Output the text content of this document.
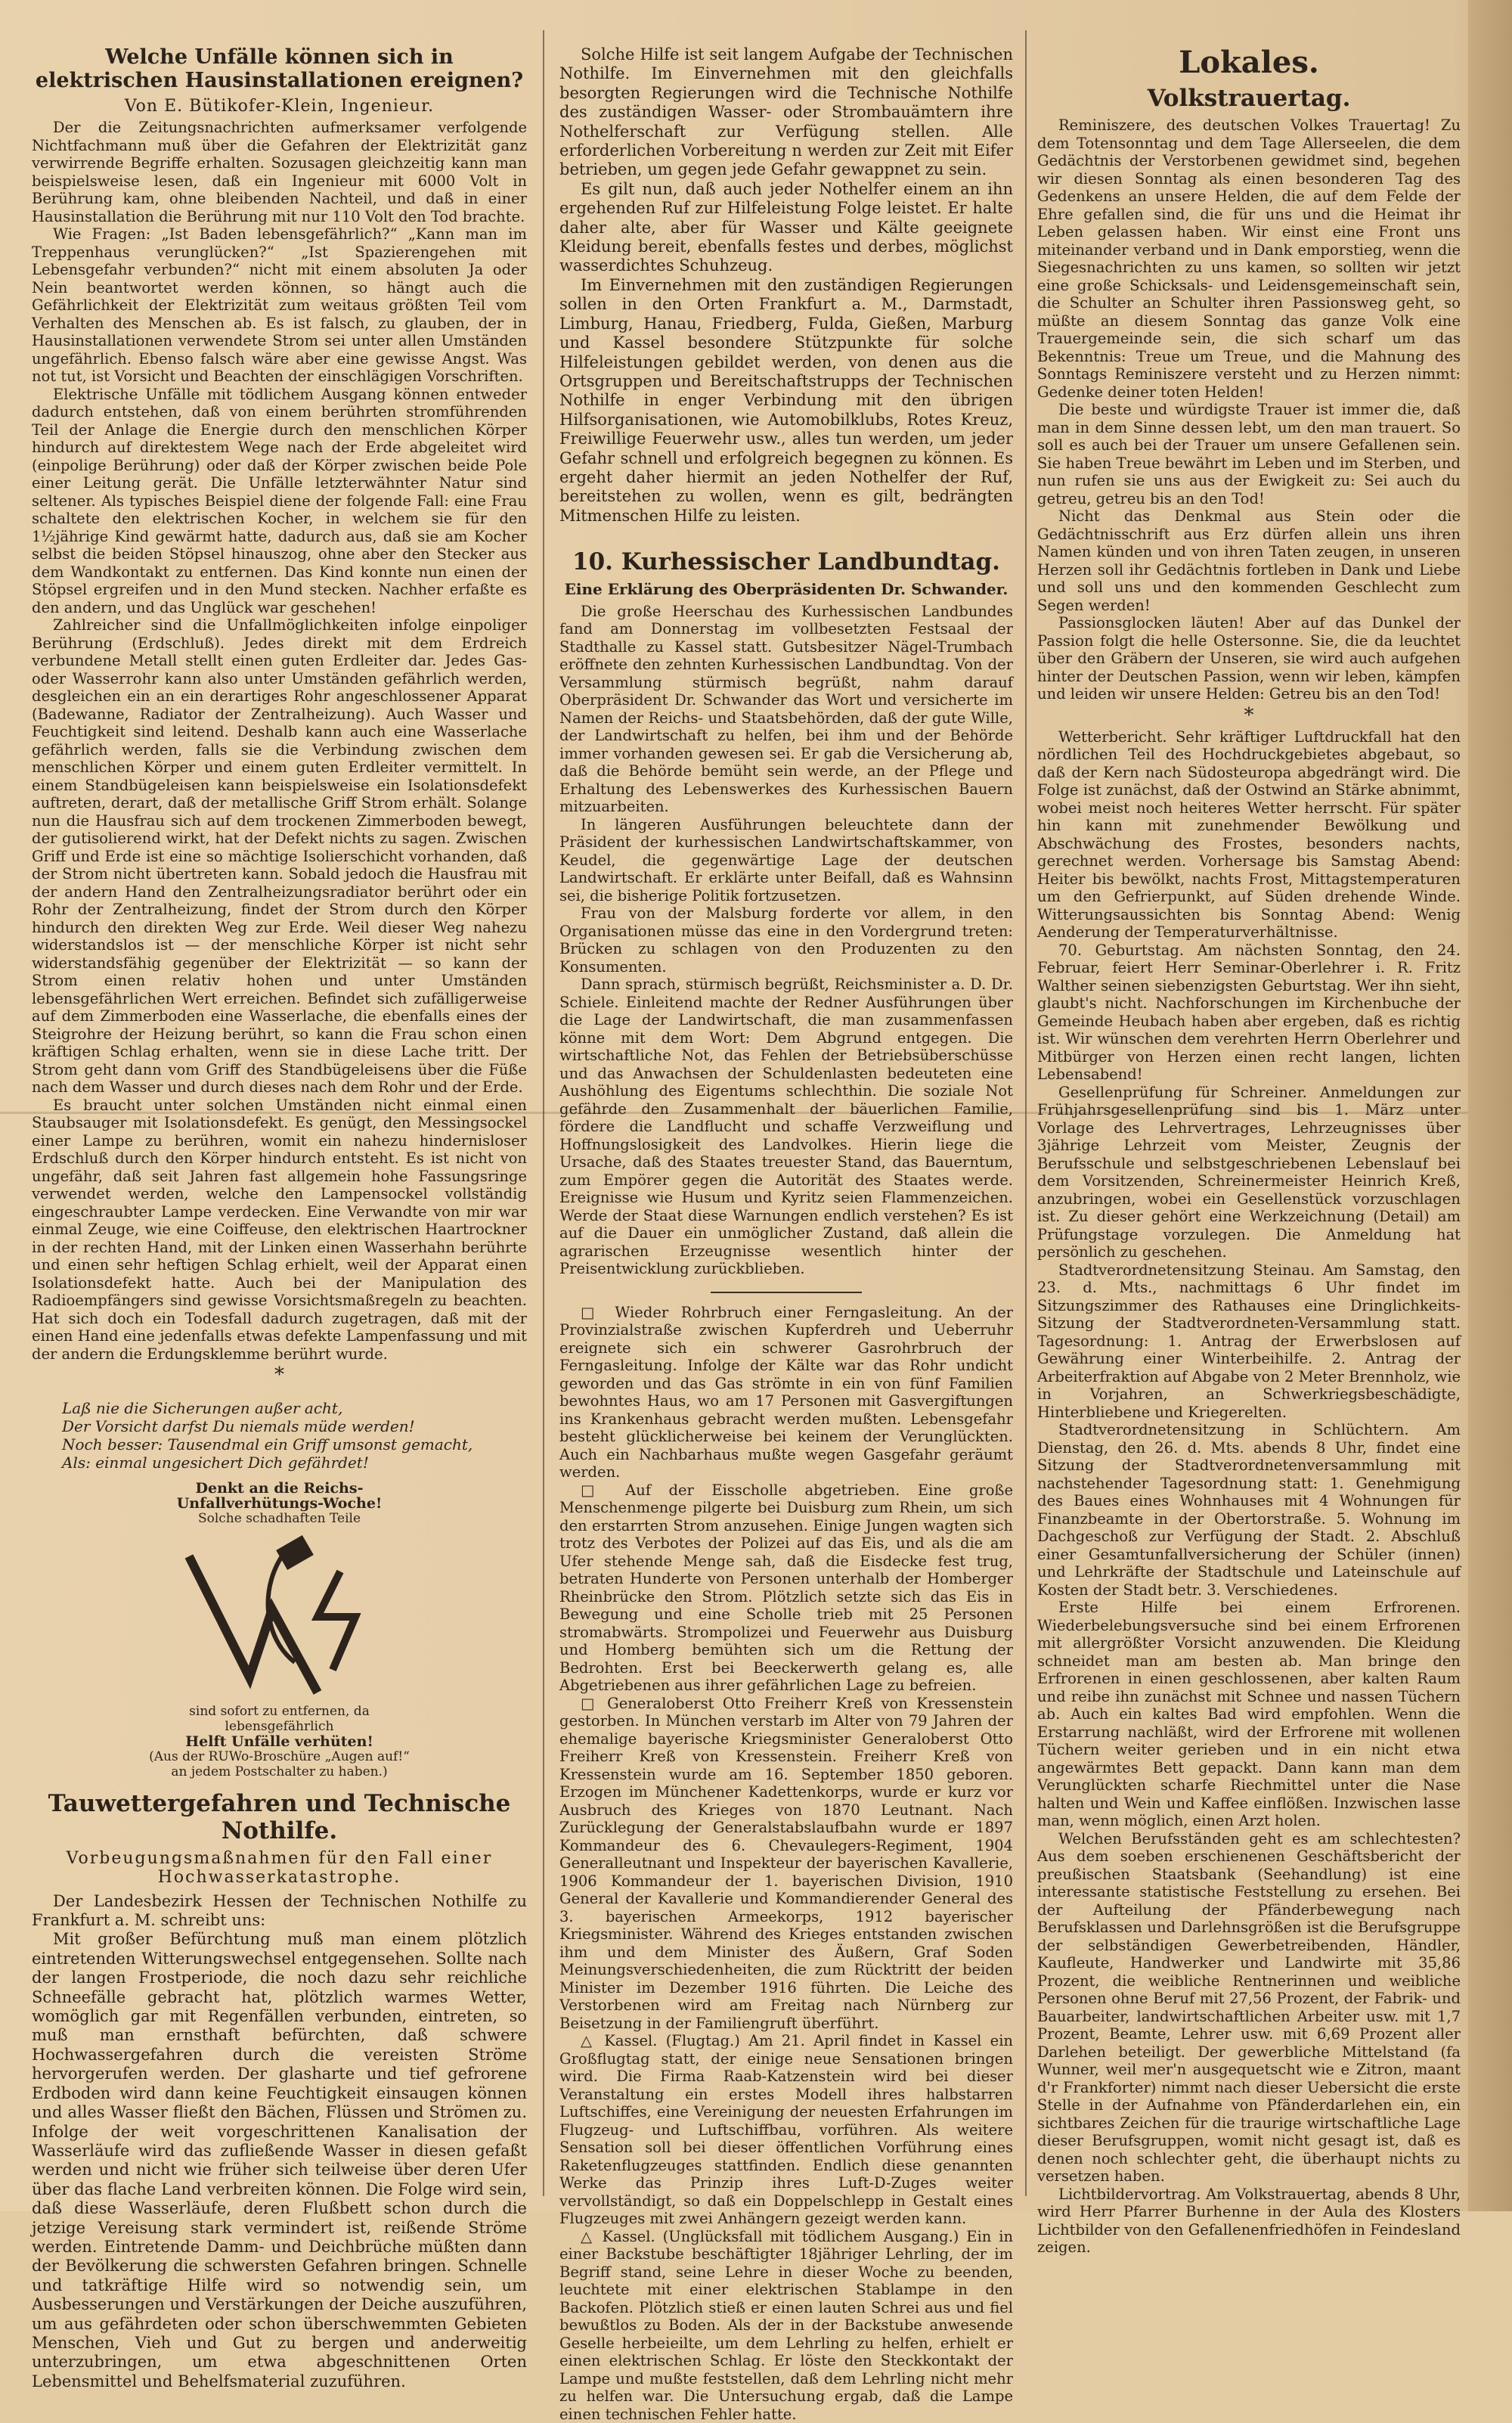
Welche Unfälle können sich in elektrischen Hausinstallationen ereignen?
Von E. Bütikofer-Klein, Ingenieur.

Der die Zeitungsnachrichten aufmerksamer verfolgende Nichtfachmann muß über die Gefahren der Elektrizität ganz verwirrende Begriffe erhalten. Sozusagen gleichzeitig kann man beispielsweise lesen, daß ein Ingenieur mit 6000 Volt in Berührung kam, ohne bleibenden Nachteil, und daß in einer Hausinstallation die Berührung mit nur 110 Volt den Tod brachte.

Wie Fragen: „Ist Baden lebensgefährlich?“ „Kann man im Treppenhaus verunglücken?“ „Ist Spazierengehen mit Lebensgefahr verbunden?“ nicht mit einem absoluten Ja oder Nein beantwortet werden können, so hängt auch die Gefährlichkeit der Elektrizität zum weitaus größten Teil vom Verhalten des Menschen ab. Es ist falsch, zu glauben, der in Hausinstallationen verwendete Strom sei unter allen Umständen ungefährlich. Ebenso falsch wäre aber eine gewisse Angst. Was not tut, ist Vorsicht und Beachten der einschlägigen Vorschriften.

Elektrische Unfälle mit tödlichem Ausgang können entweder dadurch entstehen, daß von einem berührten stromführenden Teil der Anlage die Energie durch den menschlichen Körper hindurch auf direktestem Wege nach der Erde abgeleitet wird (einpolige Berührung) oder daß der Körper zwischen beide Pole einer Leitung gerät. Die Unfälle letzterwähnter Natur sind seltener. Als typisches Beispiel diene der folgende Fall: eine Frau schaltete den elektrischen Kocher, in welchem sie für den 1½jährige Kind gewärmt hatte, dadurch aus, daß sie am Kocher selbst die beiden Stöpsel hinauszog, ohne aber den Stecker aus dem Wandkontakt zu entfernen. Das Kind konnte nun einen der Stöpsel ergreifen und in den Mund stecken. Nachher erfaßte es den andern, und das Unglück war geschehen!

Zahlreicher sind die Unfallmöglichkeiten infolge einpoliger Berührung (Erdschluß). Jedes direkt mit dem Erdreich verbundene Metall stellt einen guten Erdleiter dar. Jedes Gas- oder Wasserrohr kann also unter Umständen gefährlich werden, desgleichen ein an ein derartiges Rohr angeschlossener Apparat (Badewanne, Radiator der Zentralheizung). Auch Wasser und Feuchtigkeit sind leitend. Deshalb kann auch eine Wasserlache gefährlich werden, falls sie die Verbindung zwischen dem menschlichen Körper und einem guten Erdleiter vermittelt. In einem Standbügeleisen kann beispielsweise ein Isolationsdefekt auftreten, derart, daß der metallische Griff Strom erhält. Solange nun die Hausfrau sich auf dem trockenen Zimmerboden bewegt, der gutisolierend wirkt, hat der Defekt nichts zu sagen. Zwischen Griff und Erde ist eine so mächtige Isolierschicht vorhanden, daß der Strom nicht übertreten kann. Sobald jedoch die Hausfrau mit der andern Hand den Zentralheizungsradiator berührt oder ein Rohr der Zentralheizung, findet der Strom durch den Körper hindurch den direkten Weg zur Erde. Weil dieser Weg nahezu widerstandslos ist — der menschliche Körper ist nicht sehr widerstandsfähig gegenüber der Elektrizität — so kann der Strom einen relativ hohen und unter Umständen lebensgefährlichen Wert erreichen. Befindet sich zufälligerweise auf dem Zimmerboden eine Wasserlache, die ebenfalls eines der Steigrohre der Heizung berührt, so kann die Frau schon einen kräftigen Schlag erhalten, wenn sie in diese Lache tritt. Der Strom geht dann vom Griff des Standbügeleisens über die Füße nach dem Wasser und durch dieses nach dem Rohr und der Erde.

Es braucht unter solchen Umständen nicht einmal einen Staubsauger mit Isolationsdefekt. Es genügt, den Messingsockel einer Lampe zu berühren, womit ein nahezu hindernisloser Erdschluß durch den Körper hindurch entsteht. Es ist nicht von ungefähr, daß seit Jahren fast allgemein hohe Fassungsringe verwendet werden, welche den Lampensockel vollständig eingeschraubter Lampe verdecken. Eine Verwandte von mir war einmal Zeuge, wie eine Coiffeuse, den elektrischen Haartrockner in der rechten Hand, mit der Linken einen Wasserhahn berührte und einen sehr heftigen Schlag erhielt, weil der Apparat einen Isolationsdefekt hatte. Auch bei der Manipulation des Radioempfängers sind gewisse Vorsichtsmaßregeln zu beachten. Hat sich doch ein Todesfall dadurch zugetragen, daß mit der einen Hand eine jedenfalls etwas defekte Lampenfassung und mit der andern die Erdungsklemme berührt wurde.

*
Laß nie die Sicherungen außer acht,
Der Vorsicht darfst Du niemals müde werden!
Noch besser: Tausendmal ein Griff umsonst gemacht,
Als: einmal ungesichert Dich gefährdet!
Denkt an die Reichs-Unfallverhütungs-Woche!
Solche schadhaften Teile
sind sofort zu entfernen, da lebensgefährlich
Helft Unfälle verhüten!
(Aus der RUWo-Broschüre „Augen auf!“ an jedem Postschalter zu haben.)
Tauwettergefahren und Technische Nothilfe.
Vorbeugungsmaßnahmen für den Fall einer Hochwasserkatastrophe.

Der Landesbezirk Hessen der Technischen Nothilfe zu Frankfurt a. M. schreibt uns:

Mit großer Befürchtung muß man einem plötzlich eintretenden Witterungswechsel entgegensehen. Sollte nach der langen Frostperiode, die noch dazu sehr reichliche Schneefälle gebracht hat, plötzlich warmes Wetter, womöglich gar mit Regenfällen verbunden, eintreten, so muß man ernsthaft befürchten, daß schwere Hochwassergefahren durch die vereisten Ströme hervorgerufen werden. Der glasharte und tief gefrorene Erdboden wird dann keine Feuchtigkeit einsaugen können und alles Wasser fließt den Bächen, Flüssen und Strömen zu. Infolge der weit vorgeschrittenen Kanalisation der Wasserläufe wird das zufließende Wasser in diesen gefaßt werden und nicht wie früher sich teilweise über deren Ufer über das flache Land verbreiten können. Die Folge wird sein, daß diese Wasserläufe, deren Flußbett schon durch die jetzige Vereisung stark vermindert ist, reißende Ströme werden. Eintretende Damm- und Deichbrüche müßten dann der Bevölkerung die schwersten Gefahren bringen. Schnelle und tatkräftige Hilfe wird so notwendig sein, um Ausbesserungen und Verstärkungen der Deiche auszuführen, um aus gefährdeten oder schon überschwemmten Gebieten Menschen, Vieh und Gut zu bergen und anderweitig unterzubringen, um etwa abgeschnittenen Orten Lebensmittel und Behelfsmaterial zuzuführen.

Solche Hilfe ist seit langem Aufgabe der Technischen Nothilfe. Im Einvernehmen mit den gleichfalls besorgten Regierungen wird die Technische Nothilfe des zuständigen Wasser- oder Strombauämtern ihre Nothelferschaft zur Verfügung stellen. Alle erforderlichen Vorbereitung n werden zur Zeit mit Eifer betrieben, um gegen jede Gefahr gewappnet zu sein.

Es gilt nun, daß auch jeder Nothelfer einem an ihn ergehenden Ruf zur Hilfeleistung Folge leistet. Er halte daher alte, aber für Wasser und Kälte geeignete Kleidung bereit, ebenfalls festes und derbes, möglichst wasserdichtes Schuhzeug.

Im Einvernehmen mit den zuständigen Regierungen sollen in den Orten Frankfurt a. M., Darmstadt, Limburg, Hanau, Friedberg, Fulda, Gießen, Marburg und Kassel besondere Stützpunkte für solche Hilfeleistungen gebildet werden, von denen aus die Ortsgruppen und Bereitschaftstrupps der Technischen Nothilfe in enger Verbindung mit den übrigen Hilfsorganisationen, wie Automobilklubs, Rotes Kreuz, Freiwillige Feuerwehr usw., alles tun werden, um jeder Gefahr schnell und erfolgreich begegnen zu können. Es ergeht daher hiermit an jeden Nothelfer der Ruf, bereitstehen zu wollen, wenn es gilt, bedrängten Mitmenschen Hilfe zu leisten.

10. Kurhessischer Landbundtag.
Eine Erklärung des Oberpräsidenten Dr. Schwander.

Die große Heerschau des Kurhessischen Landbundes fand am Donnerstag im vollbesetzten Festsaal der Stadthalle zu Kassel statt. Gutsbesitzer Nägel-Trumbach eröffnete den zehnten Kurhessischen Landbundtag. Von der Versammlung stürmisch begrüßt, nahm darauf Oberpräsident Dr. Schwander das Wort und versicherte im Namen der Reichs- und Staatsbehörden, daß der gute Wille, der Landwirtschaft zu helfen, bei ihm und der Behörde immer vorhanden gewesen sei. Er gab die Versicherung ab, daß die Behörde bemüht sein werde, an der Pflege und Erhaltung des Lebenswerkes des Kurhessischen Bauern mitzuarbeiten.

In längeren Ausführungen beleuchtete dann der Präsident der kurhessischen Landwirtschaftskammer, von Keudel, die gegenwärtige Lage der deutschen Landwirtschaft. Er erklärte unter Beifall, daß es Wahnsinn sei, die bisherige Politik fortzusetzen.

Frau von der Malsburg forderte vor allem, in den Organisationen müsse das eine in den Vordergrund treten: Brücken zu schlagen von den Produzenten zu den Konsumenten.

Dann sprach, stürmisch begrüßt, Reichsminister a. D. Dr. Schiele. Einleitend machte der Redner Ausführungen über die Lage der Landwirtschaft, die man zusammenfassen könne mit dem Wort: Dem Abgrund entgegen. Die wirtschaftliche Not, das Fehlen der Betriebsüberschüsse und das Anwachsen der Schuldenlasten bedeuteten eine Aushöhlung des Eigentums schlechthin. Die soziale Not gefährde den Zusammenhalt der bäuerlichen Familie, fördere die Landflucht und schaffe Verzweiflung und Hoffnungslosigkeit des Landvolkes. Hierin liege die Ursache, daß des Staates treuester Stand, das Bauerntum, zum Empörer gegen die Autorität des Staates werde. Ereignisse wie Husum und Kyritz seien Flammenzeichen. Werde der Staat diese Warnungen endlich verstehen? Es ist auf die Dauer ein unmöglicher Zustand, daß allein die agrarischen Erzeugnisse wesentlich hinter der Preisentwicklung zurückblieben.

□ Wieder Rohrbruch einer Ferngasleitung. An der Provinzialstraße zwischen Kupferdreh und Ueberruhr ereignete sich ein schwerer Gasrohrbruch der Ferngasleitung. Infolge der Kälte war das Rohr undicht geworden und das Gas strömte in ein von fünf Familien bewohntes Haus, wo am 17 Personen mit Gasvergiftungen ins Krankenhaus gebracht werden mußten. Lebensgefahr besteht glücklicherweise bei keinem der Verunglückten. Auch ein Nachbarhaus mußte wegen Gasgefahr geräumt werden.

□ Auf der Eisscholle abgetrieben. Eine große Menschenmenge pilgerte bei Duisburg zum Rhein, um sich den erstarrten Strom anzusehen. Einige Jungen wagten sich trotz des Verbotes der Polizei auf das Eis, und als die am Ufer stehende Menge sah, daß die Eisdecke fest trug, betraten Hunderte von Personen unterhalb der Homberger Rheinbrücke den Strom. Plötzlich setzte sich das Eis in Bewegung und eine Scholle trieb mit 25 Personen stromabwärts. Strompolizei und Feuerwehr aus Duisburg und Homberg bemühten sich um die Rettung der Bedrohten. Erst bei Beeckerwerth gelang es, alle Abgetriebenen aus ihrer gefährlichen Lage zu befreien.

□ Generaloberst Otto Freiherr Kreß von Kressenstein gestorben. In München verstarb im Alter von 79 Jahren der ehemalige bayerische Kriegsminister Generaloberst Otto Freiherr Kreß von Kressenstein. Freiherr Kreß von Kressenstein wurde am 16. September 1850 geboren. Erzogen im Münchener Kadettenkorps, wurde er kurz vor Ausbruch des Krieges von 1870 Leutnant. Nach Zurücklegung der Generalstabslaufbahn wurde er 1897 Kommandeur des 6. Chevaulegers-Regiment, 1904 Generalleutnant und Inspekteur der bayerischen Kavallerie, 1906 Kommandeur der 1. bayerischen Division, 1910 General der Kavallerie und Kommandierender General des 3. bayerischen Armeekorps, 1912 bayerischer Kriegsminister. Während des Krieges entstanden zwischen ihm und dem Minister des Äußern, Graf Soden Meinungsverschiedenheiten, die zum Rücktritt der beiden Minister im Dezember 1916 führten. Die Leiche des Verstorbenen wird am Freitag nach Nürnberg zur Beisetzung in der Familiengruft überführt.

△ Kassel. (Flugtag.) Am 21. April findet in Kassel ein Großflugtag statt, der einige neue Sensationen bringen wird. Die Firma Raab-Katzenstein wird bei dieser Veranstaltung ein erstes Modell ihres halbstarren Luftschiffes, eine Vereinigung der neuesten Erfahrungen im Flugzeug- und Luftschiffbau, vorführen. Als weitere Sensation soll bei dieser öffentlichen Vorführung eines Raketenflugzeuges stattfinden. Endlich diese genannten Werke das Prinzip ihres Luft-D-Zuges weiter vervollständigt, so daß ein Doppelschlepp in Gestalt eines Flugzeuges mit zwei Anhängern gezeigt werden kann.

△ Kassel. (Unglücksfall mit tödlichem Ausgang.) Ein in einer Backstube beschäftigter 18jähriger Lehrling, der im Begriff stand, seine Lehre in dieser Woche zu beenden, leuchtete mit einer elektrischen Stablampe in den Backofen. Plötzlich stieß er einen lauten Schrei aus und fiel bewußtlos zu Boden. Als der in der Backstube anwesende Geselle herbeieilte, um dem Lehrling zu helfen, erhielt er einen elektrischen Schlag. Er löste den Steckkontakt der Lampe und mußte feststellen, daß dem Lehrling nicht mehr zu helfen war. Die Untersuchung ergab, daß die Lampe einen technischen Fehler hatte.

Lokales.
Volkstrauertag.

Reminiszere, des deutschen Volkes Trauertag! Zu dem Totensonntag und dem Tage Allerseelen, die dem Gedächtnis der Verstorbenen gewidmet sind, begehen wir diesen Sonntag als einen besonderen Tag des Gedenkens an unsere Helden, die auf dem Felde der Ehre gefallen sind, die für uns und die Heimat ihr Leben gelassen haben. Wir einst eine Front uns miteinander verband und in Dank emporstieg, wenn die Siegesnachrichten zu uns kamen, so sollten wir jetzt eine große Schicksals- und Leidensgemeinschaft sein, die Schulter an Schulter ihren Passionsweg geht, so müßte an diesem Sonntag das ganze Volk eine Trauergemeinde sein, die sich scharf um das Bekenntnis: Treue um Treue, und die Mahnung des Sonntags Reminiszere versteht und zu Herzen nimmt: Gedenke deiner toten Helden!

Die beste und würdigste Trauer ist immer die, daß man in dem Sinne dessen lebt, um den man trauert. So soll es auch bei der Trauer um unsere Gefallenen sein. Sie haben Treue bewährt im Leben und im Sterben, und nun rufen sie uns aus der Ewigkeit zu: Sei auch du getreu, getreu bis an den Tod!

Nicht das Denkmal aus Stein oder die Gedächtnisschrift aus Erz dürfen allein uns ihren Namen künden und von ihren Taten zeugen, in unseren Herzen soll ihr Gedächtnis fortleben in Dank und Liebe und soll uns und den kommenden Geschlecht zum Segen werden!

Passionsglocken läuten! Aber auf das Dunkel der Passion folgt die helle Ostersonne. Sie, die da leuchtet über den Gräbern der Unseren, sie wird auch aufgehen hinter der Deutschen Passion, wenn wir leben, kämpfen und leiden wir unsere Helden: Getreu bis an den Tod!

*

Wetterbericht. Sehr kräftiger Luftdruckfall hat den nördlichen Teil des Hochdruckgebietes abgebaut, so daß der Kern nach Südosteuropa abgedrängt wird. Die Folge ist zunächst, daß der Ostwind an Stärke abnimmt, wobei meist noch heiteres Wetter herrscht. Für später hin kann mit zunehmender Bewölkung und Abschwächung des Frostes, besonders nachts, gerechnet werden. Vorhersage bis Samstag Abend: Heiter bis bewölkt, nachts Frost, Mittagstemperaturen um den Gefrierpunkt, auf Süden drehende Winde. Witterungsaussichten bis Sonntag Abend: Wenig Aenderung der Temperaturverhältnisse.

70. Geburtstag. Am nächsten Sonntag, den 24. Februar, feiert Herr Seminar-Oberlehrer i. R. Fritz Walther seinen siebenzigsten Geburtstag. Wer ihn sieht, glaubt's nicht. Nachforschungen im Kirchenbuche der Gemeinde Heubach haben aber ergeben, daß es richtig ist. Wir wünschen dem verehrten Herrn Oberlehrer und Mitbürger von Herzen einen recht langen, lichten Lebensabend!

Gesellenprüfung für Schreiner. Anmeldungen zur Frühjahrsgesellenprüfung sind bis 1. März unter Vorlage des Lehrvertrages, Lehrzeugnisses über 3jährige Lehrzeit vom Meister, Zeugnis der Berufsschule und selbstgeschriebenen Lebenslauf bei dem Vorsitzenden, Schreinermeister Heinrich Kreß, anzubringen, wobei ein Gesellenstück vorzuschlagen ist. Zu dieser gehört eine Werkzeichnung (Detail) am Prüfungstage vorzulegen. Die Anmeldung hat persönlich zu geschehen.

Stadtverordnetensitzung Steinau. Am Samstag, den 23. d. Mts., nachmittags 6 Uhr findet im Sitzungszimmer des Rathauses eine Dringlichkeits-Sitzung der Stadtverordneten-Versammlung statt. Tagesordnung: 1. Antrag der Erwerbslosen auf Gewährung einer Winterbeihilfe. 2. Antrag der Arbeiterfraktion auf Abgabe von 2 Meter Brennholz, wie in Vorjahren, an Schwerkriegsbeschädigte, Hinterbliebene und Kriegerelten.

Stadtverordnetensitzung in Schlüchtern. Am Dienstag, den 26. d. Mts. abends 8 Uhr, findet eine Sitzung der Stadtverordnetenversammlung mit nachstehender Tagesordnung statt: 1. Genehmigung des Baues eines Wohnhauses mit 4 Wohnungen für Finanzbeamte in der Obertorstraße. 5. Wohnung im Dachgeschoß zur Verfügung der Stadt. 2. Abschluß einer Gesamtunfallversicherung der Schüler (innen) und Lehrkräfte der Stadtschule und Lateinschule auf Kosten der Stadt betr. 3. Verschiedenes.

Erste Hilfe bei einem Erfrorenen. Wiederbelebungsversuche sind bei einem Erfrorenen mit allergrößter Vorsicht anzuwenden. Die Kleidung schneidet man am besten ab. Man bringe den Erfrorenen in einen geschlossenen, aber kalten Raum und reibe ihn zunächst mit Schnee und nassen Tüchern ab. Auch ein kaltes Bad wird empfohlen. Wenn die Erstarrung nachläßt, wird der Erfrorene mit wollenen Tüchern weiter gerieben und in ein nicht etwa angewärmtes Bett gepackt. Dann kann man dem Verunglückten scharfe Riechmittel unter die Nase halten und Wein und Kaffee einflößen. Inzwischen lasse man, wenn möglich, einen Arzt holen.

Welchen Berufsständen geht es am schlechtesten? Aus dem soeben erschienenen Geschäftsbericht der preußischen Staatsbank (Seehandlung) ist eine interessante statistische Feststellung zu ersehen. Bei der Aufteilung der Pfänderbewegung nach Berufsklassen und Darlehnsgrößen ist die Berufsgruppe der selbständigen Gewerbetreibenden, Händler, Kaufleute, Handwerker und Landwirte mit 35,86 Prozent, die weibliche Rentnerinnen und weibliche Personen ohne Beruf mit 27,56 Prozent, der Fabrik- und Bauarbeiter, landwirtschaftlichen Arbeiter usw. mit 1,7 Prozent, Beamte, Lehrer usw. mit 6,69 Prozent aller Darlehen beteiligt. Der gewerbliche Mittelstand (fa Wunner, weil mer'n ausgequetscht wie e Zitron, maant d'r Frankforter) nimmt nach dieser Uebersicht die erste Stelle in der Aufnahme von Pfänderdarlehen ein, ein sichtbares Zeichen für die traurige wirtschaftliche Lage dieser Berufsgruppen, womit nicht gesagt ist, daß es denen noch schlechter geht, die überhaupt nichts zu versetzen haben.

Lichtbildervortrag. Am Volkstrauertag, abends 8 Uhr, wird Herr Pfarrer Burhenne in der Aula des Klosters Lichtbilder von den Gefallenenfriedhöfen in Feindesland zeigen.
